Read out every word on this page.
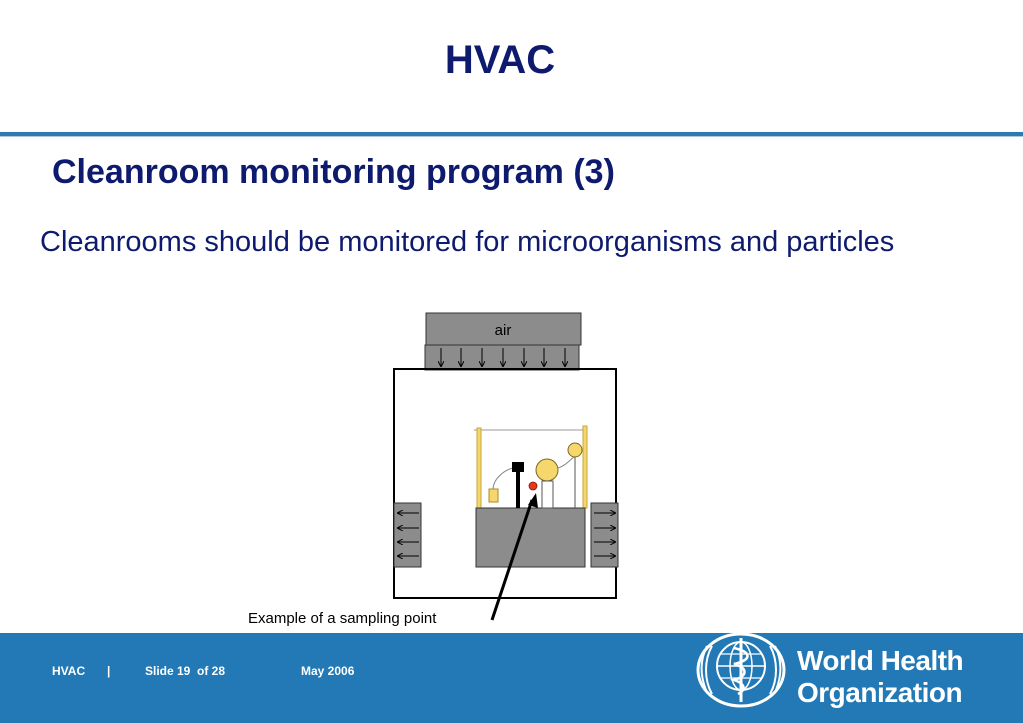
HVAC
Cleanroom monitoring program (3)

Cleanrooms should be monitored for microorganisms and particles

air
Example of a sampling point
HVAC |	Slide 19  of 28	May 2006	World Health
Organization
